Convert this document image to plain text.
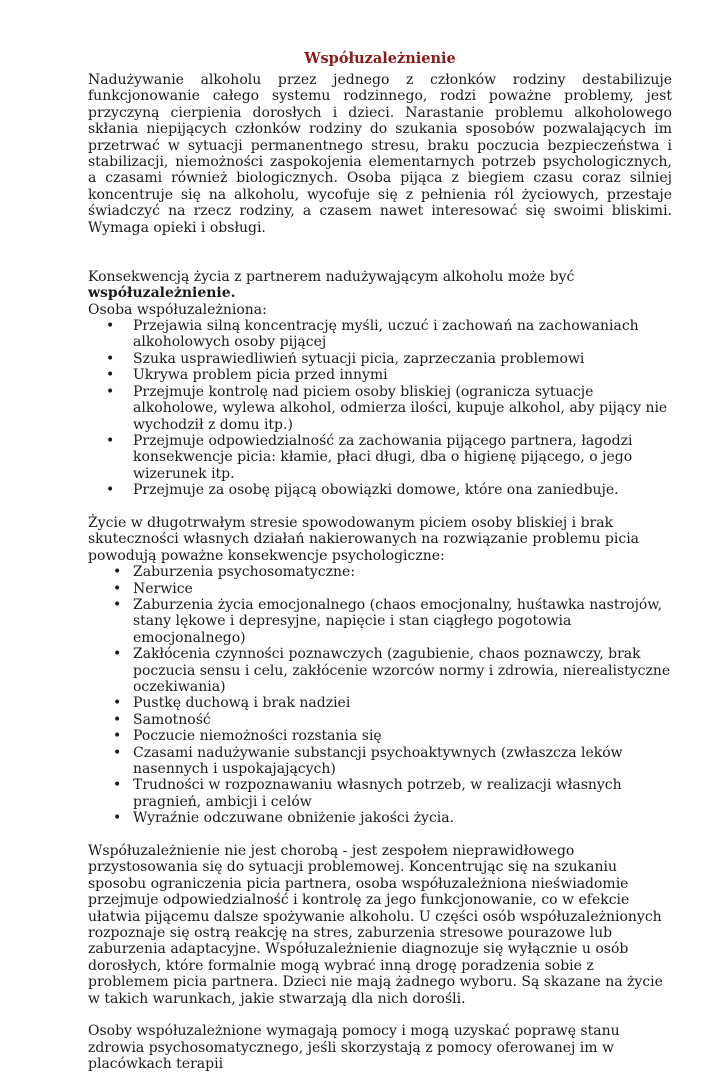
Współuzależnienie

Nadużywanie alkoholu przez jednego z członków rodziny destabilizuje funkcjonowanie całego systemu rodzinnego, rodzi poważne problemy, jest przyczyną cierpienia dorosłych i dzieci. Narastanie problemu alkoholowego skłania niepijących członków rodziny do szukania sposobów pozwalających im przetrwać w sytuacji permanentnego stresu, braku poczucia bezpieczeństwa i stabilizacji, niemożności zaspokojenia elementarnych potrzeb psychologicznych, a czasami również biologicznych. Osoba pijąca z biegiem czasu coraz silniej koncentruje się na alkoholu, wycofuje się z pełnienia ról życiowych, przestaje świadczyć na rzecz rodziny, a czasem nawet interesować się swoimi bliskimi. Wymaga opieki i obsługi.

Konsekwencją życia z partnerem nadużywającym alkoholu może być współuzależnienie.

Osoba współuzależniona:

• Przejawia silną koncentrację myśli, uczuć i zachowań na zachowaniach alkoholowych osoby pijącej
• Szuka usprawiedliwień sytuacji picia, zaprzeczania problemowi
• Ukrywa problem picia przed innymi
• Przejmuje kontrolę nad piciem osoby bliskiej (ogranicza sytuacje alkoholowe, wylewa alkohol, odmierza ilości, kupuje alkohol, aby pijący nie wychodził z domu itp.)
• Przejmuje odpowiedzialność za zachowania pijącego partnera, łagodzi konsekwencje picia: kłamie, płaci długi, dba o higienę pijącego, o jego wizerunek itp.
• Przejmuje za osobę pijącą obowiązki domowe, które ona zaniedbuje.

Życie w długotrwałym stresie spowodowanym piciem osoby bliskiej i brak skuteczności własnych działań nakierowanych na rozwiązanie problemu picia powodują poważne konsekwencje psychologiczne:

• Zaburzenia psychosomatyczne:
• Nerwice
• Zaburzenia życia emocjonalnego (chaos emocjonalny, huśtawka nastrojów, stany lękowe i depresyjne, napięcie i stan ciągłego pogotowia emocjonalnego)
• Zakłócenia czynności poznawczych (zagubienie, chaos poznawczy, brak poczucia sensu i celu, zakłócenie wzorców normy i zdrowia, nierealistyczne oczekiwania)
• Pustkę duchową i brak nadziei
• Samotność
• Poczucie niemożności rozstania się
• Czasami nadużywanie substancji psychoaktywnych (zwłaszcza leków nasennych i uspokajających)
• Trudności w rozpoznawaniu własnych potrzeb, w realizacji własnych pragnień, ambicji i celów
• Wyraźnie odczuwane obniżenie jakości życia.

Współuzależnienie nie jest chorobą - jest zespołem nieprawidłowego przystosowania się do sytuacji problemowej. Koncentrując się na szukaniu sposobu ograniczenia picia partnera, osoba współuzależniona nieświadomie przejmuje odpowiedzialność i kontrolę za jego funkcjonowanie, co w efekcie ułatwia pijącemu dalsze spożywanie alkoholu. U części osób współuzależnionych rozpoznaje się ostrą reakcję na stres, zaburzenia stresowe pourazowe lub zaburzenia adaptacyjne. Współuzależnienie diagnozuje się wyłącznie u osób dorosłych, które formalnie mogą wybrać inną drogę poradzenia sobie z problemem picia partnera. Dzieci nie mają żadnego wyboru. Są skazane na życie w takich warunkach, jakie stwarzają dla nich dorośli.

Osoby współuzależnione wymagają pomocy i mogą uzyskać poprawę stanu zdrowia psychosomatycznego, jeśli skorzystają z pomocy oferowanej im w placówkach terapii
